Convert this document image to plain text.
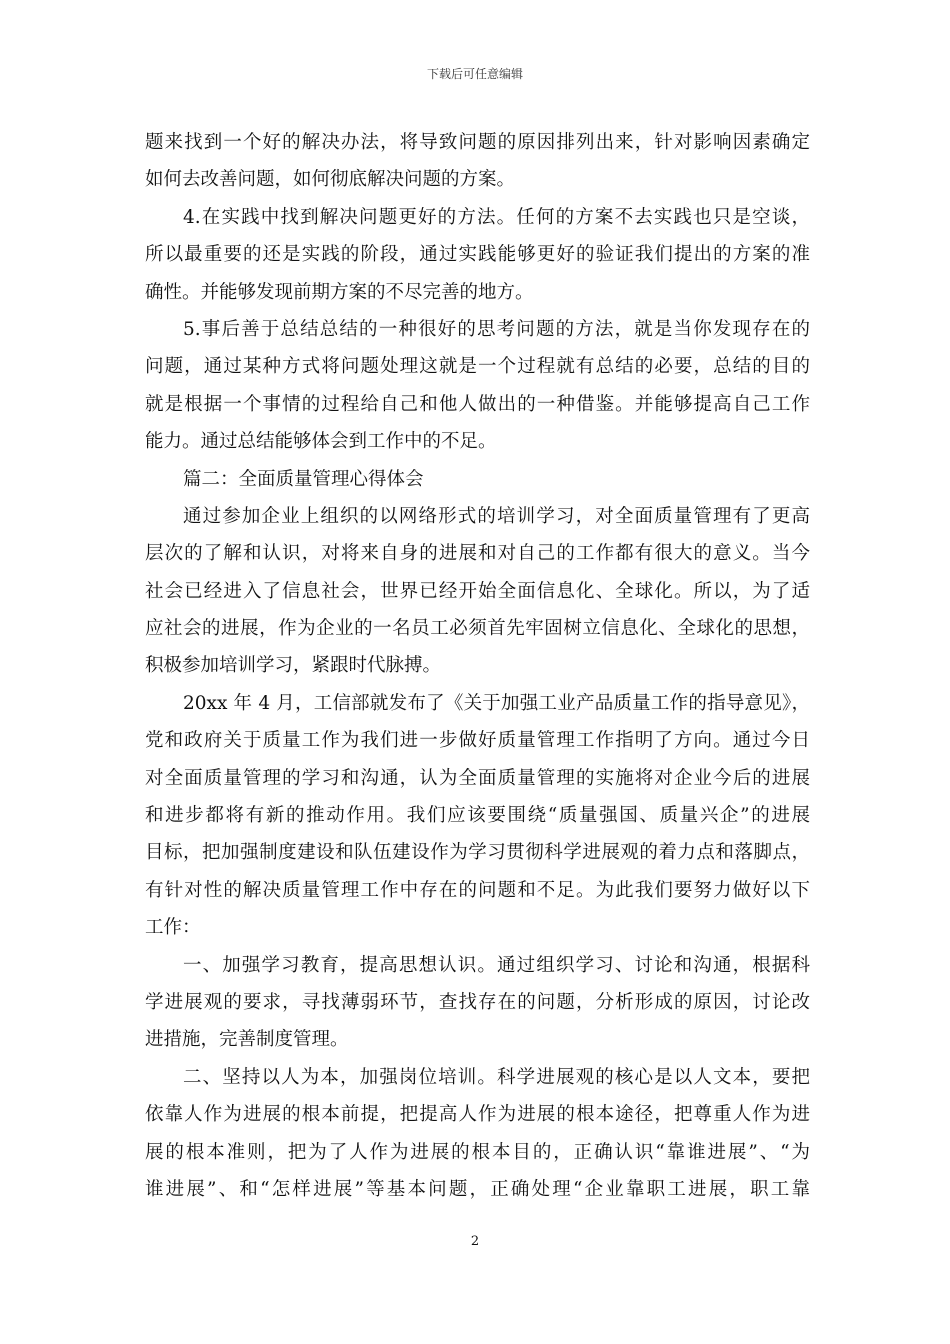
下载后可任意编辑
题来找到一个好的解决办法，将导致问题的原因排列出来，针对影响因素确定
如何去改善问题，如何彻底解决问题的方案。
4.在实践中找到解决问题更好的方法。任何的方案不去实践也只是空谈，
所以最重要的还是实践的阶段，通过实践能够更好的验证我们提出的方案的准
确性。并能够发现前期方案的不尽完善的地方。
5.事后善于总结总结的一种很好的思考问题的方法，就是当你发现存在的
问题，通过某种方式将问题处理这就是一个过程就有总结的必要，总结的目的
就是根据一个事情的过程给自己和他人做出的一种借鉴。并能够提高自己工作
能力。通过总结能够体会到工作中的不足。
篇二：全面质量管理心得体会
通过参加企业上组织的以网络形式的培训学习，对全面质量管理有了更高
层次的了解和认识，对将来自身的进展和对自己的工作都有很大的意义。当今
社会已经进入了信息社会，世界已经开始全面信息化、全球化。所以，为了适
应社会的进展，作为企业的一名员工必须首先牢固树立信息化、全球化的思想，
积极参加培训学习，紧跟时代脉搏。
20xx 年 4 月，工信部就发布了《关于加强工业产品质量工作的指导意见》，
党和政府关于质量工作为我们进一步做好质量管理工作指明了方向。通过今日
对全面质量管理的学习和沟通，认为全面质量管理的实施将对企业今后的进展
和进步都将有新的推动作用。我们应该要围绕“质量强国、质量兴企”的进展
目标，把加强制度建设和队伍建设作为学习贯彻科学进展观的着力点和落脚点，
有针对性的解决质量管理工作中存在的问题和不足。为此我们要努力做好以下
工作：
一、加强学习教育，提高思想认识。通过组织学习、讨论和沟通，根据科
学进展观的要求，寻找薄弱环节，查找存在的问题，分析形成的原因，讨论改
进措施，完善制度管理。
二、坚持以人为本，加强岗位培训。科学进展观的核心是以人文本，要把
依靠人作为进展的根本前提，把提高人作为进展的根本途径，把尊重人作为进
展的根本准则，把为了人作为进展的根本目的，正确认识“靠谁进展”、“为
谁进展”、和“怎样进展”等基本问题，正确处理“企业靠职工进展，职工靠
2
